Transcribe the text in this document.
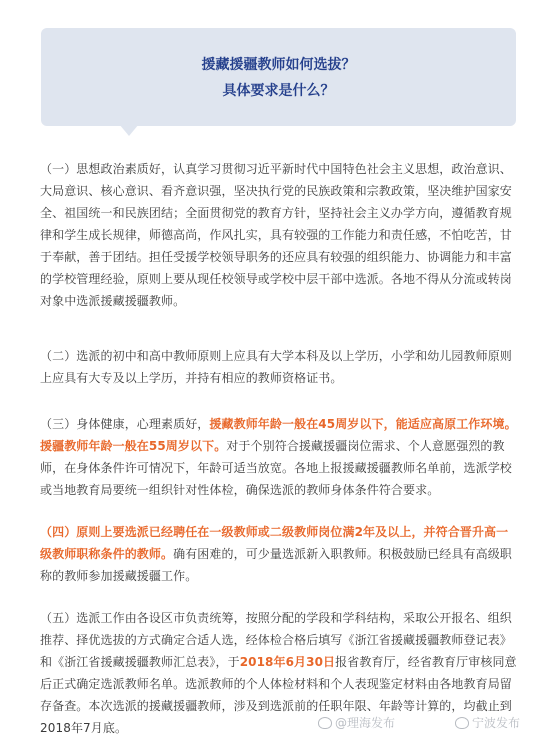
援藏援疆教师如何选拔？

具体要求是什么？

（一）思想政治素质好，认真学习贯彻习近平新时代中国特色社会主义思想，政治意识、大局意识、核心意识、看齐意识强，坚决执行党的民族政策和宗教政策，坚决维护国家安全、祖国统一和民族团结；全面贯彻党的教育方针，坚持社会主义办学方向，遵循教育规律和学生成长规律，师德高尚，作风扎实，具有较强的工作能力和责任感，不怕吃苦，甘于奉献，善于团结。担任受援学校领导职务的还应具有较强的组织能力、协调能力和丰富的学校管理经验，原则上要从现任校领导或学校中层干部中选派。各地不得从分流或转岗对象中选派援藏援疆教师。

（二）选派的初中和高中教师原则上应具有大学本科及以上学历，小学和幼儿园教师原则上应具有大专及以上学历，并持有相应的教师资格证书。

（三）身体健康，心理素质好，援藏教师年龄一般在45周岁以下，能适应高原工作环境。援疆教师年龄一般在55周岁以下。对于个别符合援藏援疆岗位需求、个人意愿强烈的教师，在身体条件许可情况下，年龄可适当放宽。各地上报援藏援疆教师名单前，选派学校或当地教育局要统一组织针对性体检，确保选派的教师身体条件符合要求。

（四）原则上要选派已经聘任在一级教师或二级教师岗位满2年及以上，并符合晋升高一级教师职称条件的教师。确有困难的，可少量选派新入职教师。积极鼓励已经具有高级职称的教师参加援藏援疆工作。

（五）选派工作由各设区市负责统筹，按照分配的学段和学科结构，采取公开报名、组织推荐、择优选拔的方式确定合适人选，经体检合格后填写《浙江省援藏援疆教师登记表》和《浙江省援藏援疆教师汇总表》，于2018年6月30日报省教育厅，经省教育厅审核同意后正式确定选派教师名单。选派教师的个人体检材料和个人表现鉴定材料由各地教育局留存备查。本次选派的援藏援疆教师，涉及到选派前的任职年限、年龄等计算的，均截止到2018年7月底。	@理海发布	宁波发布
